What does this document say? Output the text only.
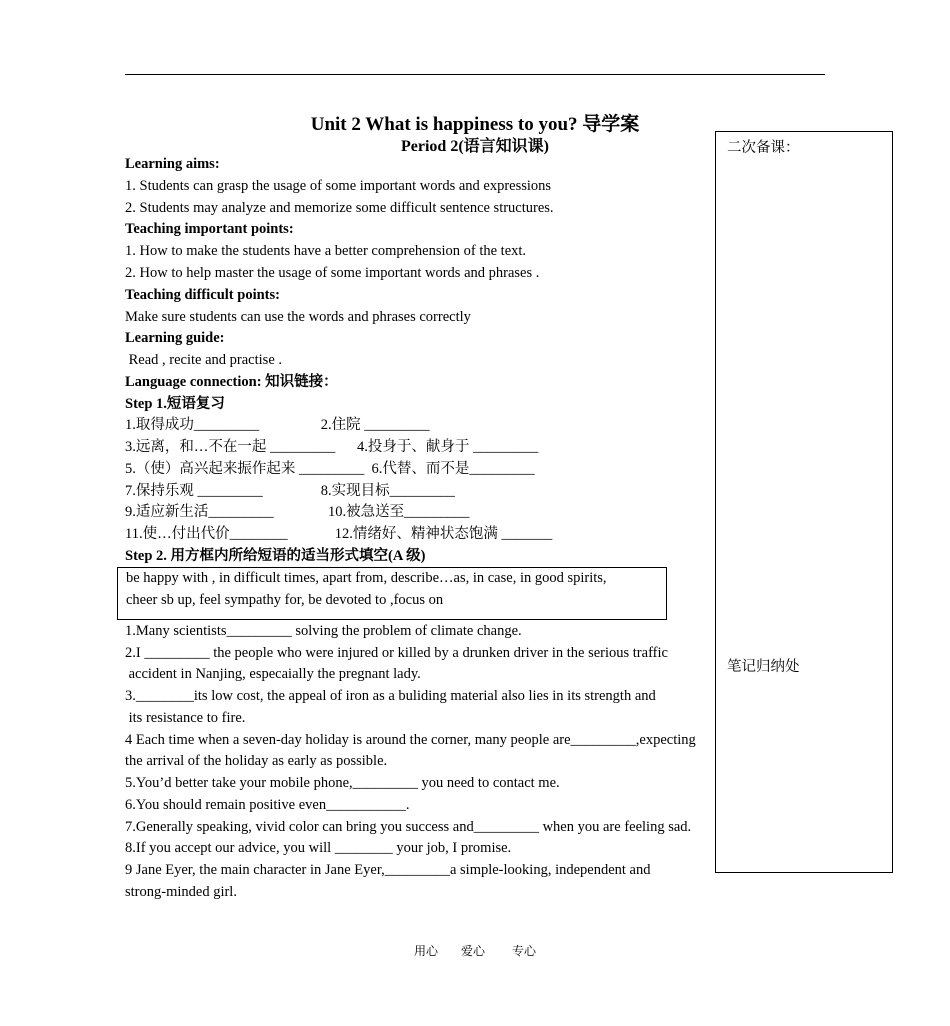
Unit 2 What is happiness to you? 导学案
Period 2(语言知识课)	二次备课：
笔记归纳处
Learning aims:
1. Students can grasp the usage of some important words and expressions
2. Students may analyze and memorize some difficult sentence structures.
Teaching important points:
1. How to make the students have a better comprehension of the text.
2. How to help master the usage of some important words and phrases .
Teaching difficult points:
Make sure students can use the words and phrases correctly
Learning guide:
Read , recite and practise .
Language connection: 知识链接：
Step 1.短语复习
1.取得成功_________                 2.住院 _________
3.远离，和…不在一起 _________      4.投身于、献身于 _________
5.（使）高兴起来振作起来 _________  6.代替、而不是_________
7.保持乐观 _________                8.实现目标_________
9.适应新生活_________               10.被急送至_________
11.使…付出代价________             12.情绪好、精神状态饱满 _______
Step 2. 用方框内所给短语的适当形式填空(A 级)
be happy with , in difficult times, apart from, describe…as, in case, in good spirits,
cheer sb up, feel sympathy for, be devoted to ,focus on
1.Many scientists_________ solving the problem of climate change.
2.I _________ the people who were injured or killed by a drunken driver in the serious traffic
accident in Nanjing, especaially the pregnant lady.
3.________its low cost, the appeal of iron as a buliding material also lies in its strength and
its resistance to fire.
4 Each time when a seven-day holiday is around the corner, many people are_________,expecting
the arrival of the holiday as early as possible.
5.You’d better take your mobile phone,_________ you need to contact me.
6.You should remain positive even___________.
7.Generally speaking, vivid color can bring you success and_________ when you are feeling sad.
8.If you accept our advice, you will ________ your job, I promise.
9 Jane Eyer, the main character in Jane Eyer,_________a simple-looking, independent and
strong-minded girl.
用心 爱心 专心
